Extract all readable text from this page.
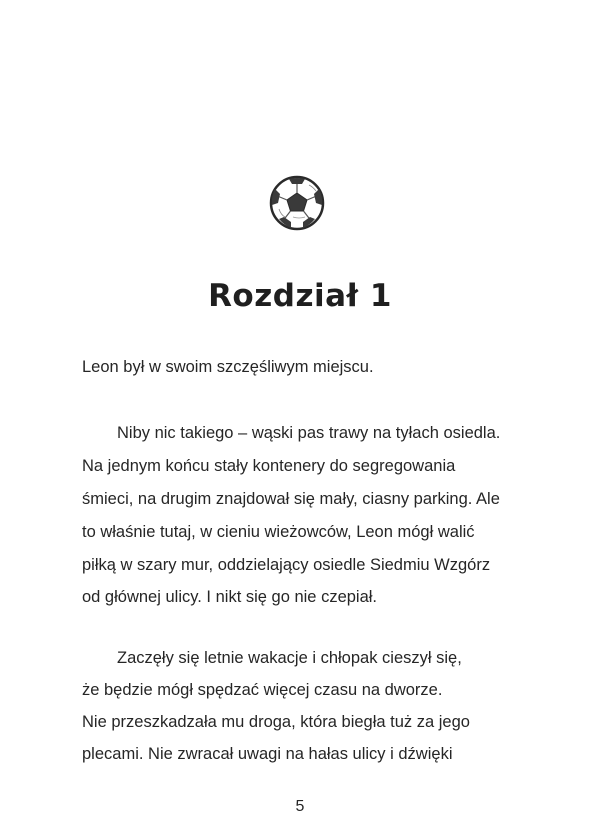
Rozdział 1
Leon był w swoim szczęśliwym miejscu.
Niby nic takiego – wąski pas trawy na tyłach osiedla.
Na jednym końcu stały kontenery do segregowania
śmieci, na drugim znajdował się mały, ciasny parking. Ale
to właśnie tutaj, w cieniu wieżowców, Leon mógł walić
piłką w szary mur, oddzielający osiedle Siedmiu Wzgórz
od głównej ulicy. I nikt się go nie czepiał.
Zaczęły się letnie wakacje i chłopak cieszył się,
że będzie mógł spędzać więcej czasu na dworze.
Nie przeszkadzała mu droga, która biegła tuż za jego
plecami. Nie zwracał uwagi na hałas ulicy i dźwięki
5
